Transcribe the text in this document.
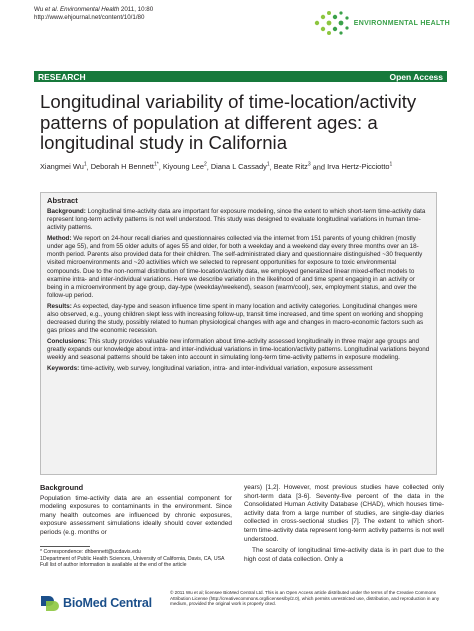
Wu et al. Environmental Health 2011, 10:80
http://www.ehjournal.net/content/10/1/80
ENVIRONMENTAL HEALTH
RESEARCH	Open Access
Longitudinal variability of time-location/activity patterns of population at different ages: a longitudinal study in California
Xiangmei Wu$^1$, Deborah H Bennett$^{1*}$, Kiyoung Lee$^2$, Diana L Cassady$^1$, Beate Ritz$^3$ and Irva Hertz-Picciotto$^1$
Abstract

Background: Longitudinal time-activity data are important for exposure modeling, since the extent to which short-term time-activity data represent long-term activity patterns is not well understood. This study was designed to evaluate longitudinal variations in human time-activity patterns.

Method: We report on 24-hour recall diaries and questionnaires collected via the internet from 151 parents of young children (mostly under age 55), and from 55 older adults of ages 55 and older, for both a weekday and a weekend day every three months over an 18-month period. Parents also provided data for their children. The self-administrated diary and questionnaire distinguished ~30 frequently visited microenvironments and ~20 activities which we selected to represent opportunities for exposure to toxic environmental compounds. Due to the non-normal distribution of time-location/activity data, we employed generalized linear mixed-effect models to examine intra- and inter-individual variations. Here we describe variation in the likelihood of and time spent engaging in an activity or being in a microenvironment by age group, day-type (weekday/weekend), season (warm/cool), sex, employment status, and over the follow-up period.

Results: As expected, day-type and season influence time spent in many location and activity categories. Longitudinal changes were also observed, e.g., young children slept less with increasing follow-up, transit time increased, and time spent on working and shopping decreased during the study, possibly related to human physiological changes with age and changes in macro-economic factors such as gas prices and the economic recession.

Conclusions: This study provides valuable new information about time-activity assessed longitudinally in three major age groups and greatly expands our knowledge about intra- and inter-individual variations in time-location/activity patterns. Longitudinal variations beyond weekly and seasonal patterns should be taken into account in simulating long-term time-activity patterns in exposure modeling.

Keywords: time-activity, web survey, longitudinal variation, intra- and inter-individual variation, exposure assessment

Background

Population time-activity data are an essential component for modeling exposures to contaminants in the environment. Since many health outcomes are influenced by chronic exposures, exposure assessment simulations ideally should cover extended periods (e.g. months or

years) [1,2]. However, most previous studies have collected only short-term data [3-6]. Seventy-five percent of the data in the Consolidated Human Activity Database (CHAD), which houses time-activity data from a large number of studies, are single-day diaries collected in cross-sectional studies [7]. The extent to which short-term time-activity data represent long-term activity patterns is not well understood.

The scarcity of longitudinal time-activity data is in part due to the high cost of data collection. Only a

* Correspondence: dhbennett@ucdavis.edu
1Department of Public Health Sciences, University of California, Davis, CA, USA
Full list of author information is available at the end of the article
BioMed Central
© 2011 Wu et al; licensee BioMed Central Ltd. This is an Open Access article distributed under the terms of the Creative Commons Attribution License (http://creativecommons.org/licenses/by/2.0), which permits unrestricted use, distribution, and reproduction in any medium, provided the original work is properly cited.
